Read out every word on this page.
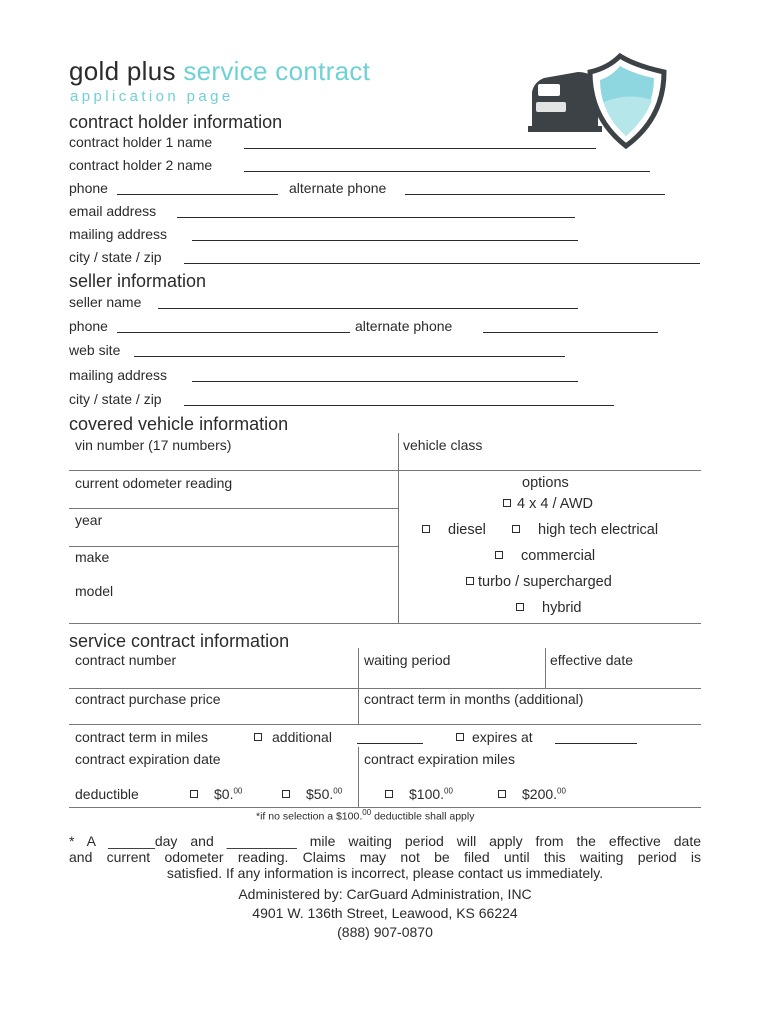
gold plus service contract
application page
contract holder information
contract holder 1 name
contract holder 2 name
phone	alternate phone
email address
mailing address
city / state / zip
seller information
seller name
phone	alternate phone
web site
mailing address
city / state / zip
covered vehicle information
vin number (17 numbers)	vehicle class
current odometer reading
year
make
model
options
4 x 4 / AWD
diesel	high tech electrical
commercial
turbo / supercharged
hybrid
service contract information
contract number	waiting period	effective date
contract purchase price	contract term in months (additional)
contract term in miles	additional	expires at
contract expiration date	contract expiration miles
deductible	$0.00	$50.00	$100.00	$200.00
*if no selection a $100.00 deductible shall apply
* A ______day and _________ mile waiting period will apply from the effective date
and current odometer reading. Claims may not be filed until this waiting period is
satisfied. If any information is incorrect, please contact us immediately.
Administered by: CarGuard Administration, INC
4901 W. 136th Street, Leawood, KS 66224
(888) 907-0870
